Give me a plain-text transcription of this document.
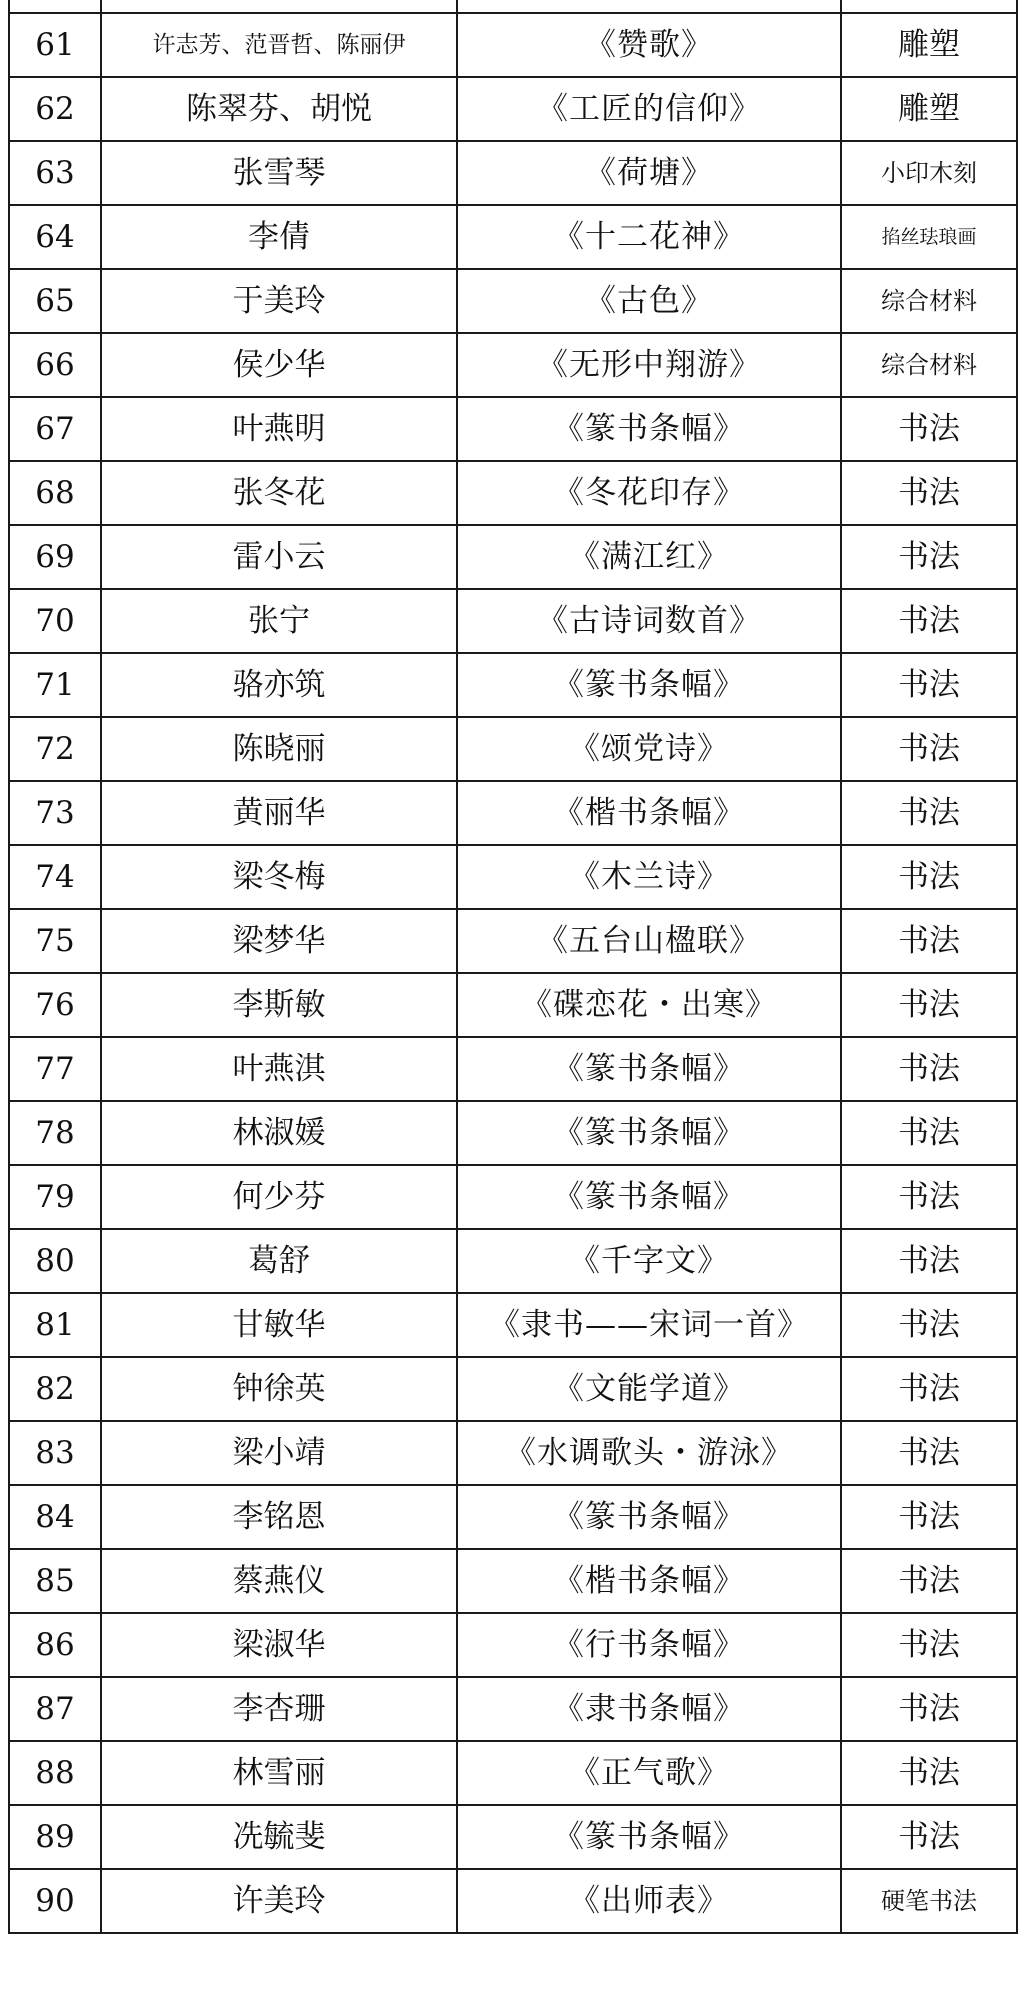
61	许志芳、范晋哲、陈丽伊	《赞歌》	雕塑
62	陈翠芬、胡悦	《工匠的信仰》	雕塑
63	张雪琴	《荷塘》	小印木刻
64	李倩	《十二花神》	掐丝珐琅画
65	于美玲	《古色》	综合材料
66	侯少华	《无形中翔游》	综合材料
67	叶燕明	《篆书条幅》	书法
68	张冬花	《冬花印存》	书法
69	雷小云	《满江红》	书法
70	张宁	《古诗词数首》	书法
71	骆亦筑	《篆书条幅》	书法
72	陈晓丽	《颂党诗》	书法
73	黄丽华	《楷书条幅》	书法
74	梁冬梅	《木兰诗》	书法
75	梁梦华	《五台山楹联》	书法
76	李斯敏	《碟恋花・出寒》	书法
77	叶燕淇	《篆书条幅》	书法
78	林淑媛	《篆书条幅》	书法
79	何少芬	《篆书条幅》	书法
80	葛舒	《千字文》	书法
81	甘敏华	《隶书——宋词一首》	书法
82	钟徐英	《文能学道》	书法
83	梁小靖	《水调歌头・游泳》	书法
84	李铭恩	《篆书条幅》	书法
85	蔡燕仪	《楷书条幅》	书法
86	梁淑华	《行书条幅》	书法
87	李杏珊	《隶书条幅》	书法
88	林雪丽	《正气歌》	书法
89	冼毓斐	《篆书条幅》	书法
90	许美玲	《出师表》	硬笔书法
